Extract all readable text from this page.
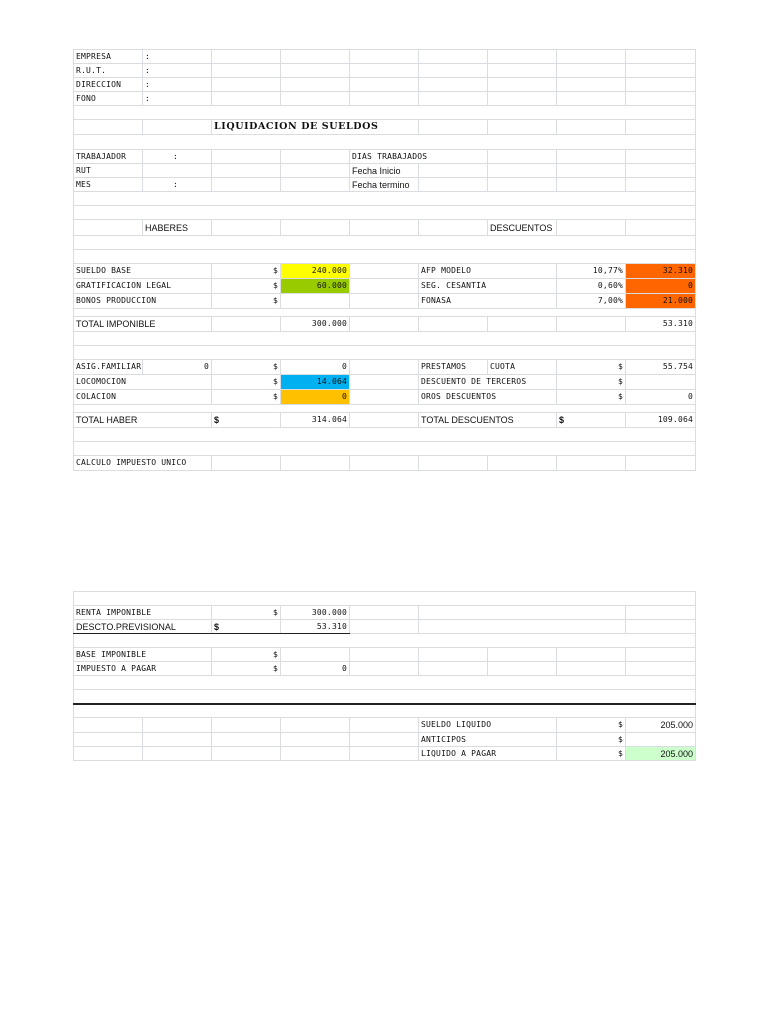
EMPRESA	:							
R.U.T.	:							
DIRECCION	:							
FONO	:							

		LIQUIDACION DE SUELDOS						

TRABAJADOR	:			DIAS TRABAJADOS				
RUT				Fecha Inicio				
MES	:			Fecha termino				

	HABERES					DESCUENTOS		

SUELDO BASE		$	240.000		AFP MODELO		10,77%	32.310
GRATIFICACION LEGAL		$	60.000		SEG. CESANTIA		0,60%	0
BONOS PRODUCCION		$			FONASA		7,00%	21.000

TOTAL IMPONIBLE			300.000					53.310

ASIG.FAMILIAR	0	$	0		PRESTAMOS	CUOTA	$	55.754
LOCOMOCION		$	14.064		DESCUENTO DE TERCEROS		$	
COLACION		$	0		OROS DESCUENTOS		$	0

TOTAL HABER		$	314.064		TOTAL DESCUENTOS		$	109.064

CALCULO IMPUESTO UNICO								

RENTA IMPONIBLE		$	300.000					
DESCTO.PREVISIONAL		$	53.310					

BASE IMPONIBLE		$						
IMPUESTO A PAGAR		$	0					

					SUELDO LIQUIDO		$	205.000
					ANTICIPOS		$	
					LIQUIDO A PAGAR		$	205.000
